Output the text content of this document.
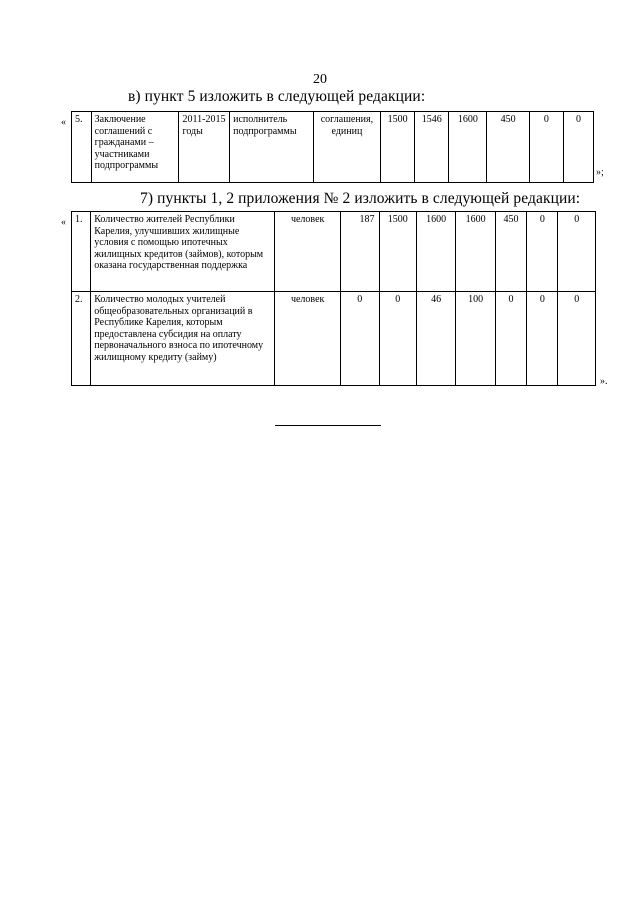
20
в) пункт 5 изложить в следующей редакции:
« 5.	Заключение соглашений с гражданами – участниками подпрограммы	2011-2015 годы	исполнитель подпрограммы	соглашения, единиц	1500	1546	1600	450	0	0
»;
7) пункты 1, 2 приложения № 2 изложить в следующей редакции:
« 1.	Количество жителей Республики Карелия, улучшивших жилищные условия с помощью ипотечных жилищных кредитов (займов), которым оказана государственная поддержка	человек	187	1500	1600	1600	450	0	0
2.	Количество молодых учителей общеобразовательных организаций в Республике Карелия, которым предоставлена субсидия на оплату первоначального взноса по ипотечному жилищному кредиту (займу)	человек	0	0	46	100	0	0	0
».
